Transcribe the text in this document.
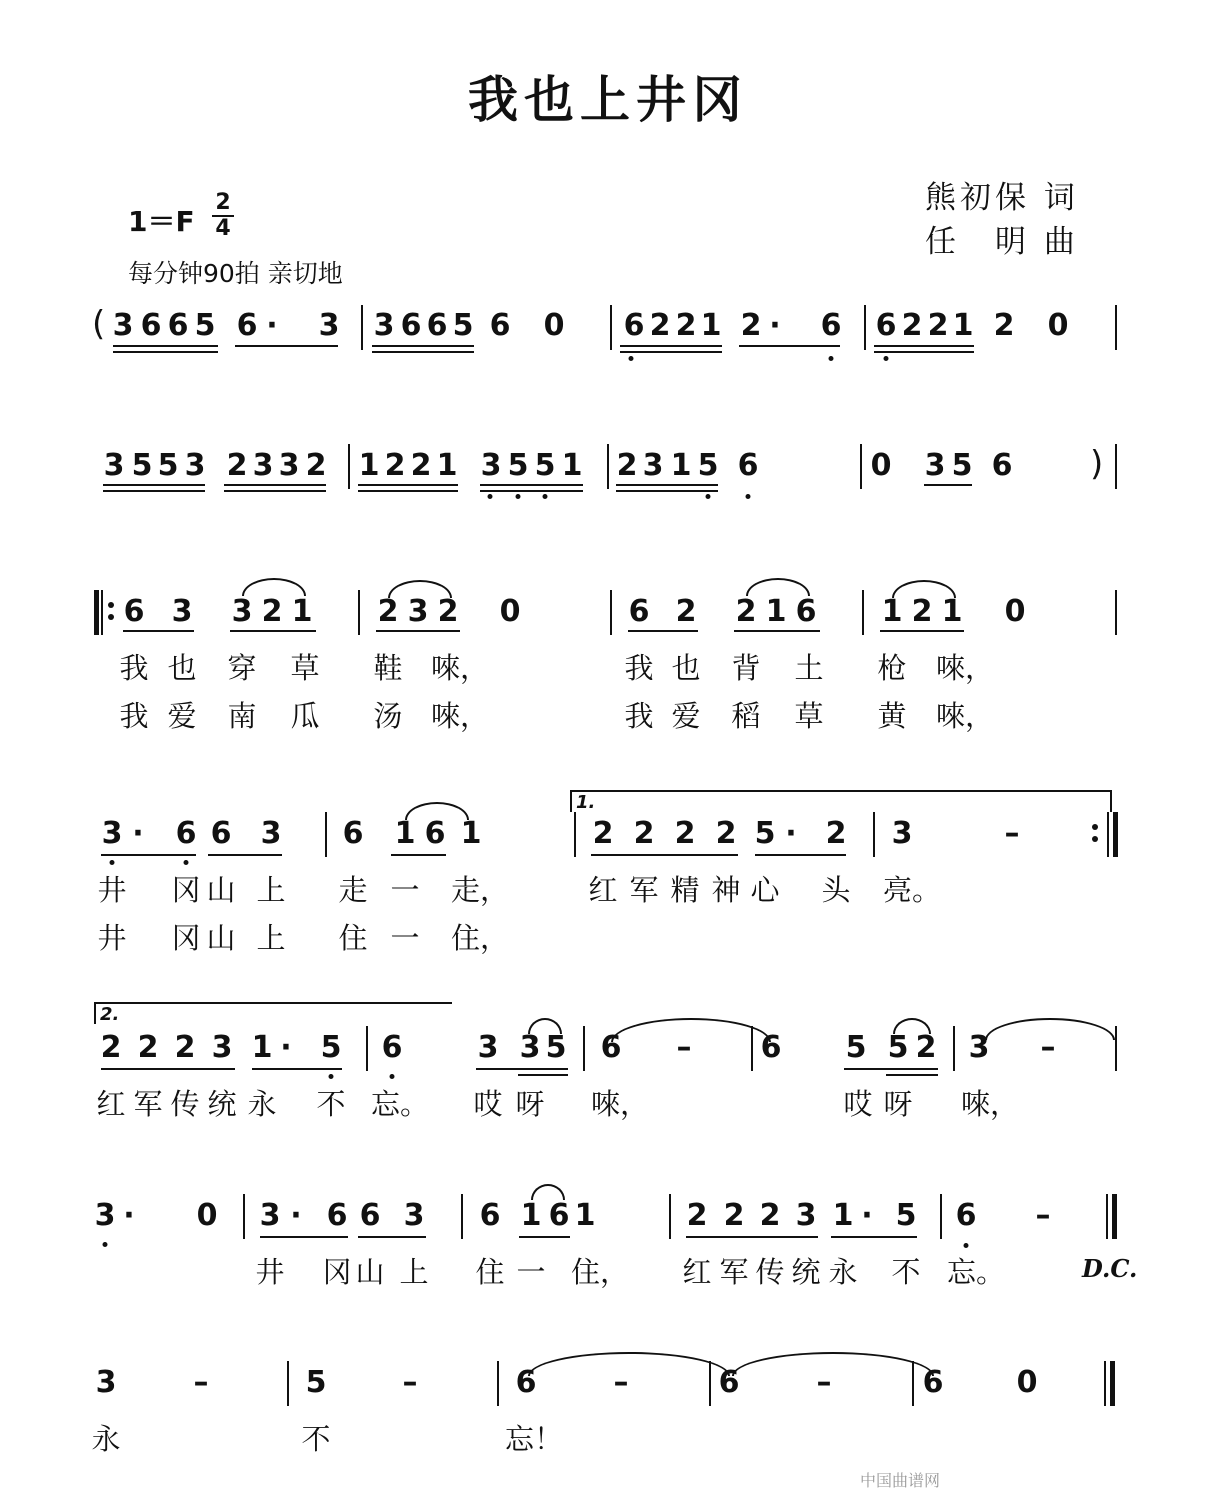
我也上井冈
熊初保 词
任　明 曲
1＝F
2
4
每分钟90拍 亲切地
3 6 6 5 6 · 3 3 6 6 5 6 0 6 2 2 1 2 · 6 6 2 2 1 2 0
3 5 5 3 2 3 3 2 1 2 2 1 3 5 5 1 2 3 1 5 6	0 3 5 6
6 3 3 2 1 2 3 2 0	6 2 2 1 6 1 2 1 0
我 也 穿 草 鞋 唻，	我 也 背 土 枪 唻，
我 爱 南 瓜 汤 唻，	我 爱 稻 草 黄 唻，
3 · 6 6 3 6 1 6 1	2 2 2 2 5 · 2 3	–
井 冈 山 上 走 一 走，	红 军 精 神 心 头 亮。
井 冈 山 上 住 一 住，
2 2 2 3 1 · 5 6	3 3 5 6 – 6 5 5 2 3 –
红 军 传 统 永 不 忘。 哎 呀 唻，	哎 呀 唻，
3 · 0 3 · 6 6 3 6 1 6 1	2 2 2 3 1 · 5 6 –
井 冈 山 上 住 一 住， 红 军 传 统 永 不 忘。
3	–	5	–	6	–	6	–	6 0
永	不	忘！
(
)
1.
2.
D.C.
中国曲谱网
